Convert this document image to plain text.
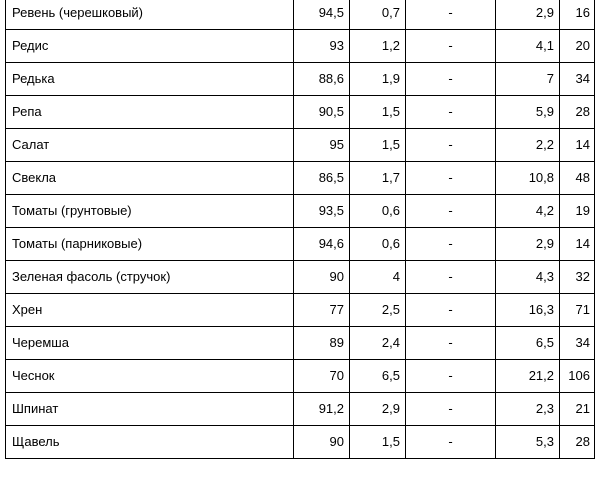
Ревень (черешковый)	94,5	0,7	-	2,9	16
Редис	93	1,2	-	4,1	20
Редька	88,6	1,9	-	7	34
Репа	90,5	1,5	-	5,9	28
Салат	95	1,5	-	2,2	14
Свекла	86,5	1,7	-	10,8	48
Томаты (грунтовые)	93,5	0,6	-	4,2	19
Томаты (парниковые)	94,6	0,6	-	2,9	14
Зеленая фасоль (стручок)	90	4	-	4,3	32
Хрен	77	2,5	-	16,3	71
Черемша	89	2,4	-	6,5	34
Чеснок	70	6,5	-	21,2	106
Шпинат	91,2	2,9	-	2,3	21
Щавель	90	1,5	-	5,3	28
